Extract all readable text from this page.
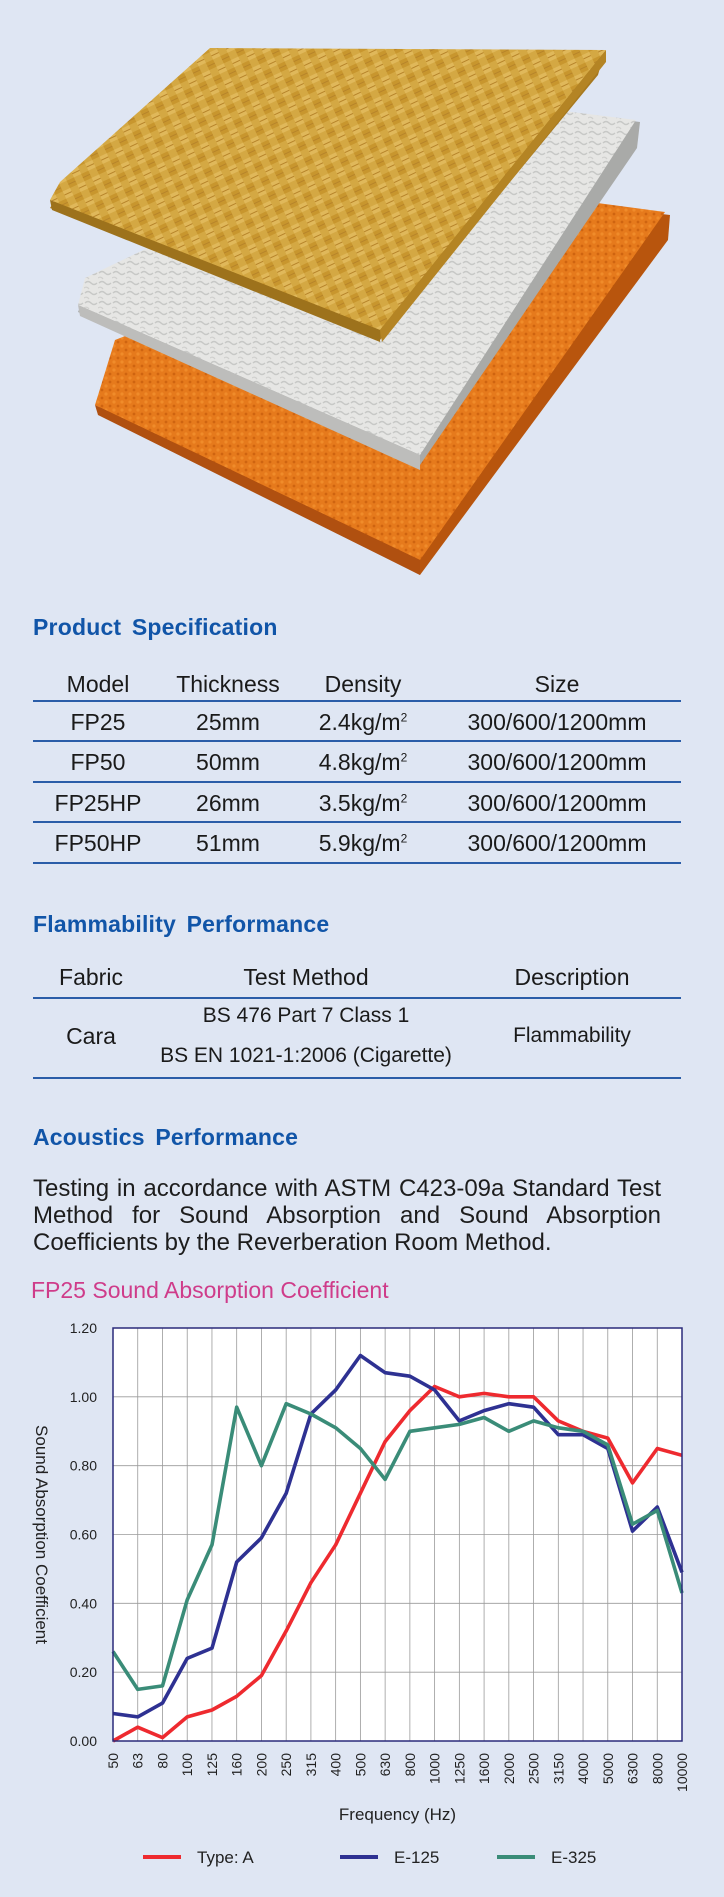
Product Specification
Model	Thickness	Density	Size
FP25	25mm	$2.4kg/m^2$	300/600/1200mm
FP50	50mm	$4.8kg/m^2$	300/600/1200mm
FP25HP	26mm	$3.5kg/m^2$	300/600/1200mm
FP50HP	51mm	$5.9kg/m^2$	300/600/1200mm
Flammability Performance
Fabric	Test Method	Description
Cara	BS 476 Part 7 Class 1	Flammability
	BS EN 1021-1:2006 (Cigarette)	
Acoustics Performance
Testing in accordance with ASTM C423-09a Standard Test Method for Sound Absorption and Sound Absorption Coefficients by the Reverberation Room Method.
FP25 Sound Absorption Coefficient
0.00
0.20
0.40
0.60
0.80
1.00
1.20
50 63 80 100 125 160 200 250 315 400 500 630 800 1000 1250 1600 2000 2500 3150 4000 5000 6300 8000 10000
Sound Absorption Coefficient
Frequency (Hz)
Type: A	E-125	E-325
